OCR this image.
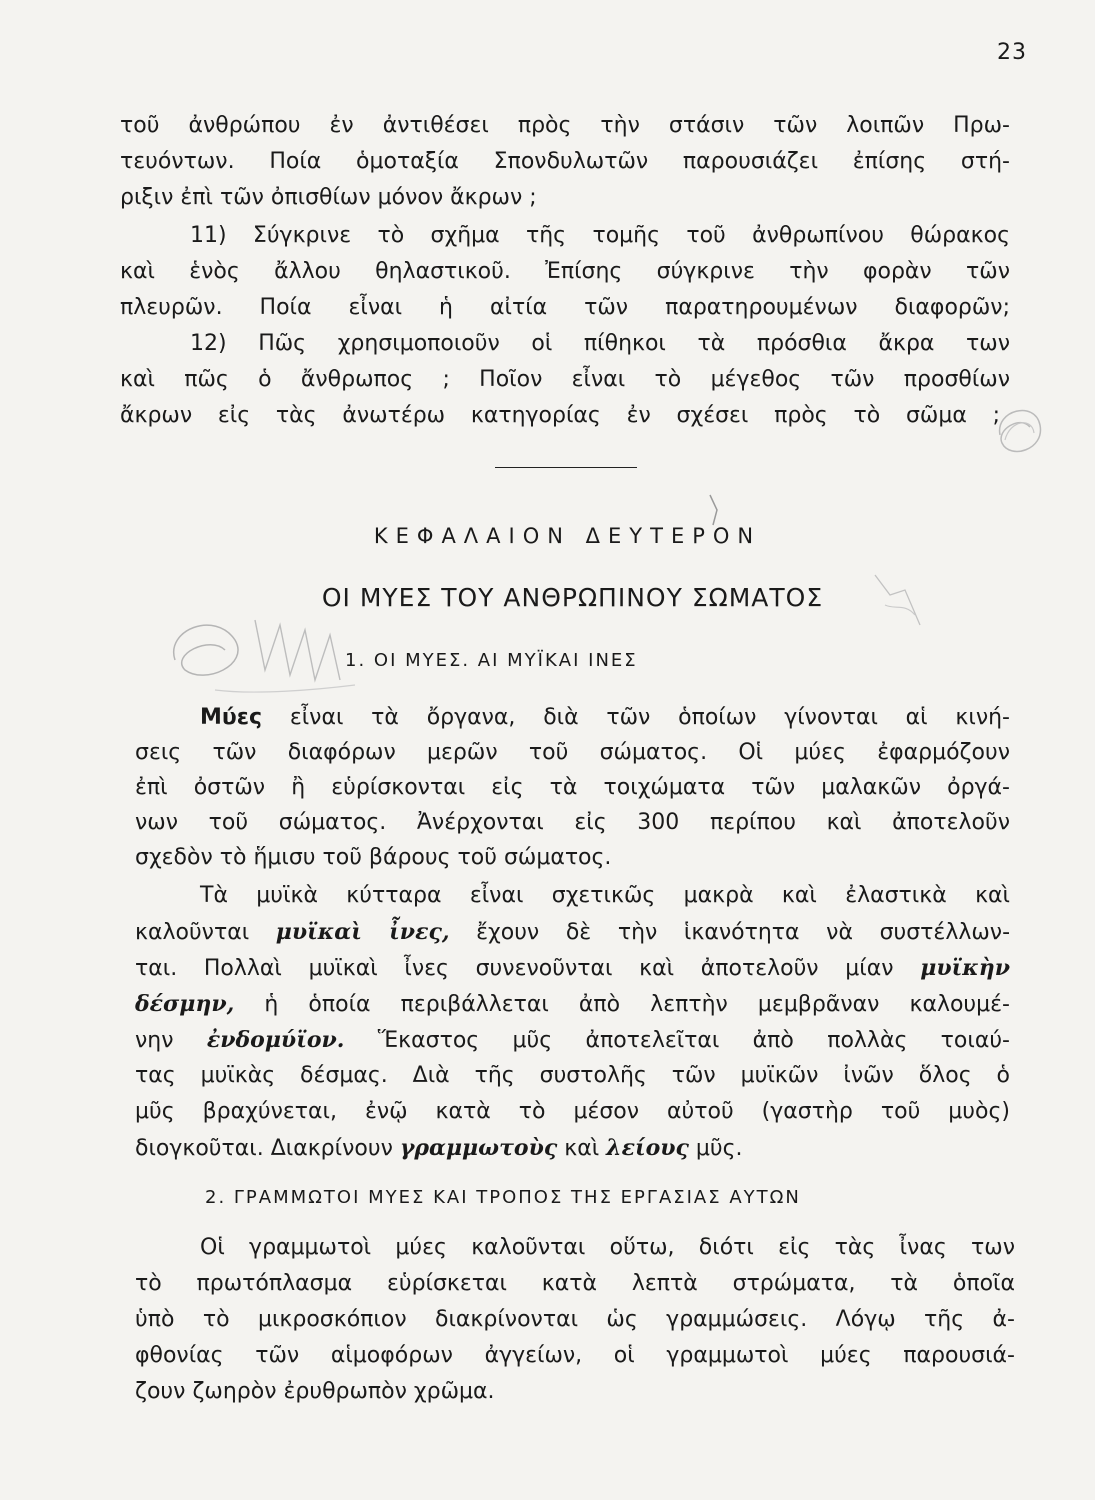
23
τοῦ ἀνθρώπου ἐν ἀντιθέσει πρὸς τὴν στάσιν τῶν λοιπῶν Πρω-
τευόντων. Ποία ὁμοταξία Σπονδυλωτῶν παρουσιάζει ἐπίσης στή-
ριξιν ἐπὶ τῶν ὀπισθίων μόνον ἄκρων ;
11) Σύγκρινε τὸ σχῆμα τῆς τομῆς τοῦ ἀνθρωπίνου θώρακος
καὶ ἑνὸς ἄλλου θηλαστικοῦ. Ἐπίσης σύγκρινε τὴν φορὰν τῶν
πλευρῶν. Ποία εἶναι ἡ αἰτία τῶν παρατηρουμένων διαφορῶν;
12) Πῶς χρησιμοποιοῦν οἱ πίθηκοι τὰ πρόσθια ἄκρα των
καὶ πῶς ὁ ἄνθρωπος ; Ποῖον εἶναι τὸ μέγεθος τῶν προσθίων
ἄκρων εἰς τὰς ἀνωτέρω κατηγορίας ἐν σχέσει πρὸς τὸ σῶμα ;
ΚΕΦΑΛΑΙΟΝ ΔΕΥΤΕΡΟΝ
ΟΙ ΜΥΕΣ ΤΟΥ ΑΝΘΡΩΠΙΝΟΥ ΣΩΜΑΤΟΣ
1. ΟΙ ΜΥΕΣ. ΑΙ ΜΥΪΚΑΙ ΙΝΕΣ
Μύες εἶναι τὰ ὄργανα, διὰ τῶν ὁποίων γίνονται αἱ κινή-
σεις τῶν διαφόρων μερῶν τοῦ σώματος. Οἱ μύες ἐφαρμόζουν
ἐπὶ ὀστῶν ἢ εὑρίσκονται εἰς τὰ τοιχώματα τῶν μαλακῶν ὀργά-
νων τοῦ σώματος. Ἀνέρχονται εἰς 300 περίπου καὶ ἀποτελοῦν
σχεδὸν τὸ ἥμισυ τοῦ βάρους τοῦ σώματος.
Τὰ μυϊκὰ κύτταρα εἶναι σχετικῶς μακρὰ καὶ ἐλαστικὰ καὶ
καλοῦνται μυϊκαὶ ἶνες, ἔχουν δὲ τὴν ἱκανότητα νὰ συστέλλων-
ται. Πολλαὶ μυϊκαὶ ἶνες συνενοῦνται καὶ ἀποτελοῦν μίαν μυϊκὴν
δέσμην, ἡ ὁποία περιβάλλεται ἀπὸ λεπτὴν μεμβρᾶναν καλουμέ-
νην ἐνδομύϊον. Ἕκαστος μῦς ἀποτελεῖται ἀπὸ πολλὰς τοιαύ-
τας μυϊκὰς δέσμας. Διὰ τῆς συστολῆς τῶν μυϊκῶν ἰνῶν ὅλος ὁ
μῦς βραχύνεται, ἐνῷ κατὰ τὸ μέσον αὐτοῦ (γαστὴρ τοῦ μυὸς)
διογκοῦται. Διακρίνουν γραμμωτοὺς καὶ λείους μῦς.
2. ΓΡΑΜΜΩΤΟΙ ΜΥΕΣ ΚΑΙ ΤΡΟΠΟΣ ΤΗΣ ΕΡΓΑΣΙΑΣ ΑΥΤΩΝ
Οἱ γραμμωτοὶ μύες καλοῦνται οὕτω, διότι εἰς τὰς ἶνας των
τὸ πρωτόπλασμα εὑρίσκεται κατὰ λεπτὰ στρώματα, τὰ ὁποῖα
ὑπὸ τὸ μικροσκόπιον διακρίνονται ὡς γραμμώσεις. Λόγῳ τῆς ἀ-
φθονίας τῶν αἱμοφόρων ἀγγείων, οἱ γραμμωτοὶ μύες παρουσιά-
ζουν ζωηρὸν ἐρυθρωπὸν χρῶμα.
